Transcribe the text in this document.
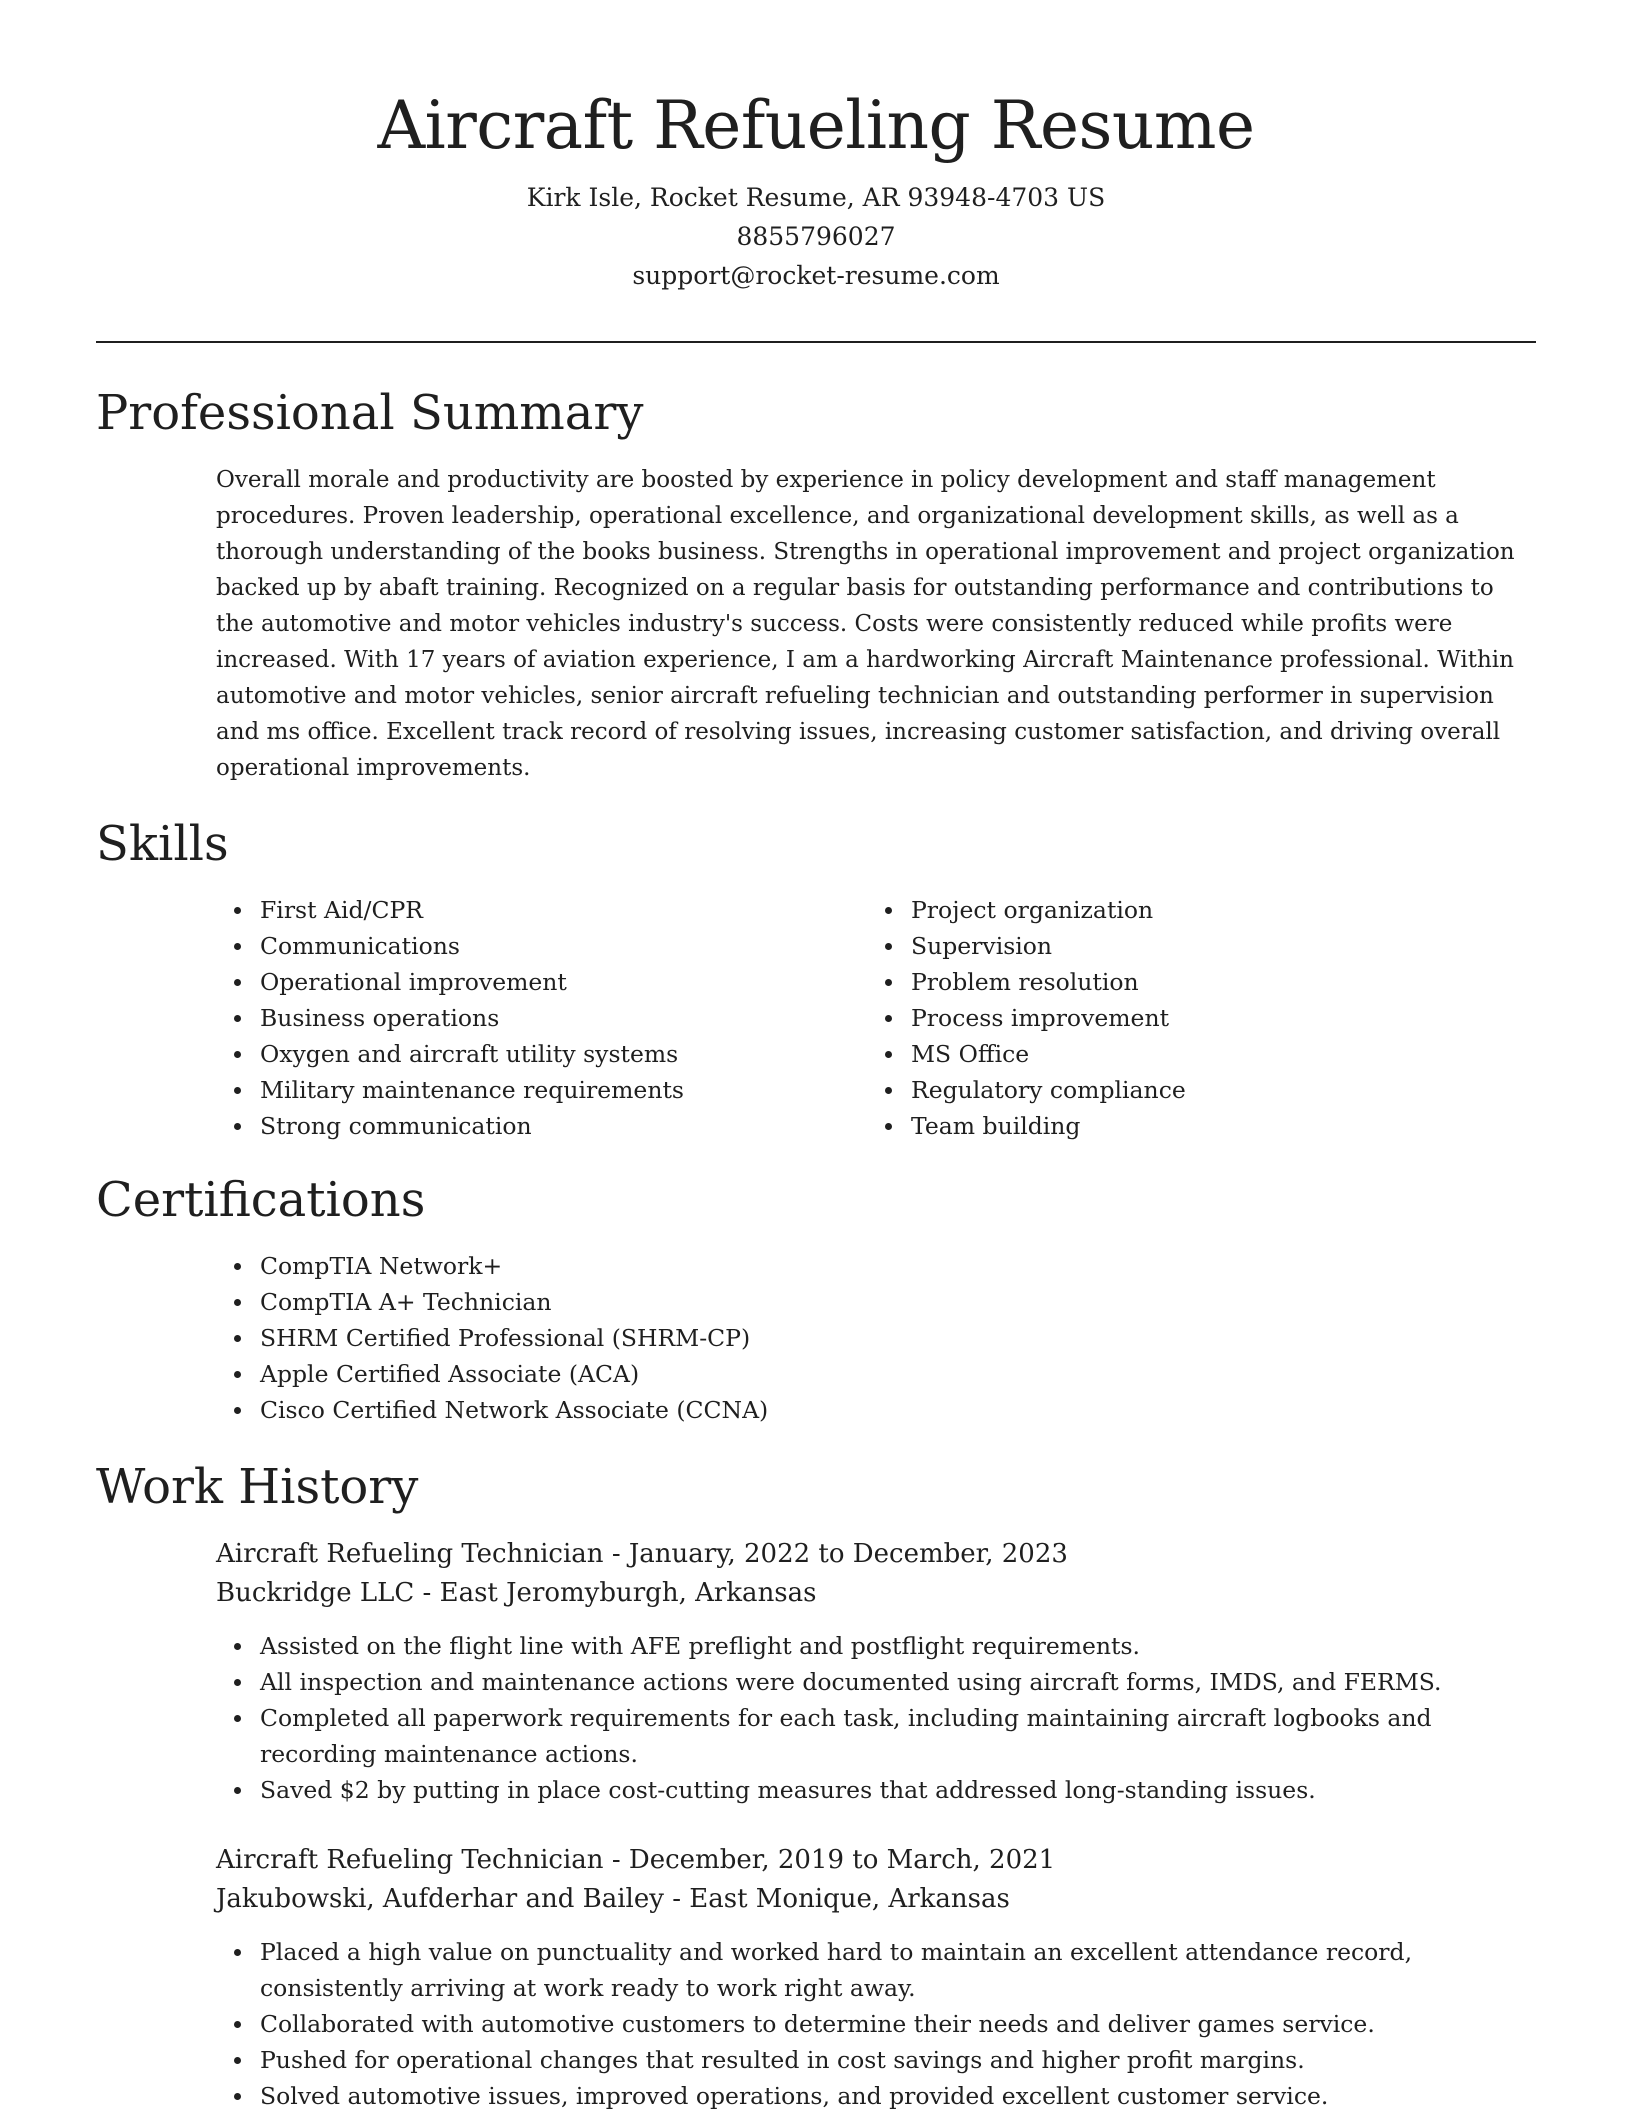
Aircraft Refueling Resume
Kirk Isle, Rocket Resume, AR 93948-4703 US
8855796027
support@rocket-resume.com
Professional Summary

Overall morale and productivity are boosted by experience in policy development and staff management procedures. Proven leadership, operational excellence, and organizational development skills, as well as a thorough understanding of the books business. Strengths in operational improvement and project organization backed up by abaft training. Recognized on a regular basis for outstanding performance and contributions to the automotive and motor vehicles industry's success. Costs were consistently reduced while profits were increased. With 17 years of aviation experience, I am a hardworking Aircraft Maintenance professional. Within automotive and motor vehicles, senior aircraft refueling technician and outstanding performer in supervision and ms office. Excellent track record of resolving issues, increasing customer satisfaction, and driving overall operational improvements.

Skills
First Aid/CPR
Communications
Operational improvement
Business operations
Oxygen and aircraft utility systems
Military maintenance requirements
Strong communication
Project organization
Supervision
Problem resolution
Process improvement
MS Office
Regulatory compliance
Team building
Certifications
CompTIA Network+
CompTIA A+ Technician
SHRM Certified Professional (SHRM-CP)
Apple Certified Associate (ACA)
Cisco Certified Network Associate (CCNA)
Work History
Aircraft Refueling Technician - January, 2022 to December, 2023
Buckridge LLC - East Jeromyburgh, Arkansas
Assisted on the flight line with AFE preflight and postflight requirements.
All inspection and maintenance actions were documented using aircraft forms, IMDS, and FERMS.
Completed all paperwork requirements for each task, including maintaining aircraft logbooks and recording maintenance actions.
Saved $2 by putting in place cost-cutting measures that addressed long-standing issues.
Aircraft Refueling Technician - December, 2019 to March, 2021
Jakubowski, Aufderhar and Bailey - East Monique, Arkansas
Placed a high value on punctuality and worked hard to maintain an excellent attendance record, consistently arriving at work ready to work right away.
Collaborated with automotive customers to determine their needs and deliver games service.
Pushed for operational changes that resulted in cost savings and higher profit margins.
Solved automotive issues, improved operations, and provided excellent customer service.
